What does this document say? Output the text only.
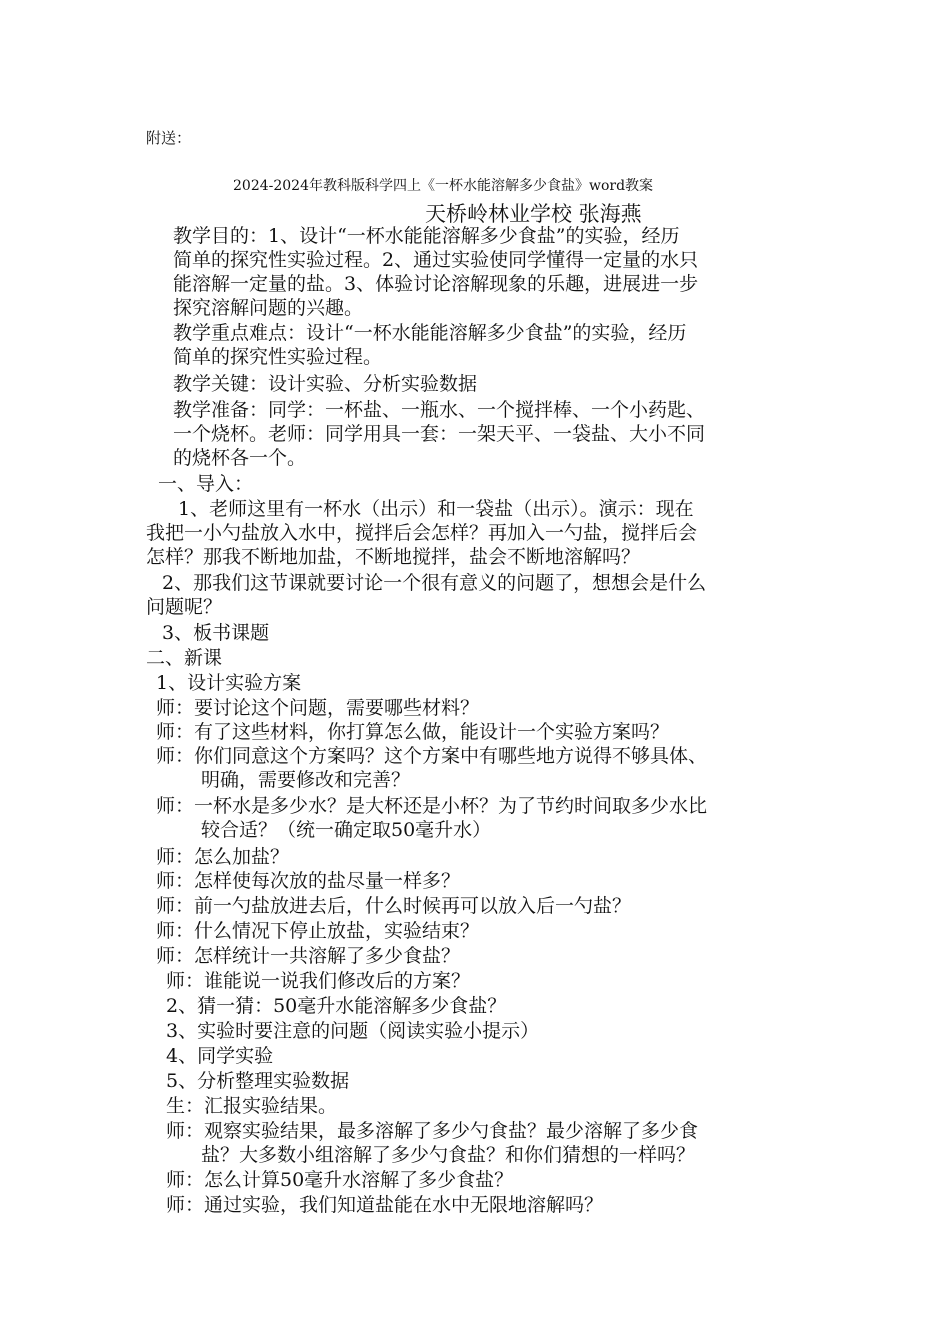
附送：
2024-2024年教科版科学四上《一杯水能溶解多少食盐》word教案
天桥岭林业学校 张海燕
教学目的：1、设计“一杯水能能溶解多少食盐”的实验，经历
简单的探究性实验过程。2、通过实验使同学懂得一定量的水只
能溶解一定量的盐。3、体验讨论溶解现象的乐趣，进展进一步
探究溶解问题的兴趣。
教学重点难点：设计“一杯水能能溶解多少食盐”的实验，经历
简单的探究性实验过程。
教学关键：设计实验、分析实验数据
教学准备：同学：一杯盐、一瓶水、一个搅拌棒、一个小药匙、
一个烧杯。老师：同学用具一套：一架天平、一袋盐、大小不同
的烧杯各一个。
一、导入：
1、老师这里有一杯水（出示）和一袋盐（出示）。演示：现在
我把一小勺盐放入水中，搅拌后会怎样？再加入一勺盐，搅拌后会
怎样？那我不断地加盐，不断地搅拌，盐会不断地溶解吗？
2、那我们这节课就要讨论一个很有意义的问题了，想想会是什么
问题呢？
3、板书课题
二、新课
1、设计实验方案
师：要讨论这个问题，需要哪些材料？
师：有了这些材料，你打算怎么做，能设计一个实验方案吗？
师：你们同意这个方案吗？这个方案中有哪些地方说得不够具体、
明确，需要修改和完善？
师：一杯水是多少水？是大杯还是小杯？为了节约时间取多少水比
较合适？（统一确定取50毫升水）
师：怎么加盐？
师：怎样使每次放的盐尽量一样多？
师：前一勺盐放进去后，什么时候再可以放入后一勺盐？
师：什么情况下停止放盐，实验结束？
师：怎样统计一共溶解了多少食盐？
师：谁能说一说我们修改后的方案？
2、猜一猜：50毫升水能溶解多少食盐？
3、实验时要注意的问题（阅读实验小提示）
4、同学实验
5、分析整理实验数据
生：汇报实验结果。
师：观察实验结果，最多溶解了多少勺食盐？最少溶解了多少食
盐？大多数小组溶解了多少勺食盐？和你们猜想的一样吗？
师：怎么计算50毫升水溶解了多少食盐？
师：通过实验，我们知道盐能在水中无限地溶解吗？
